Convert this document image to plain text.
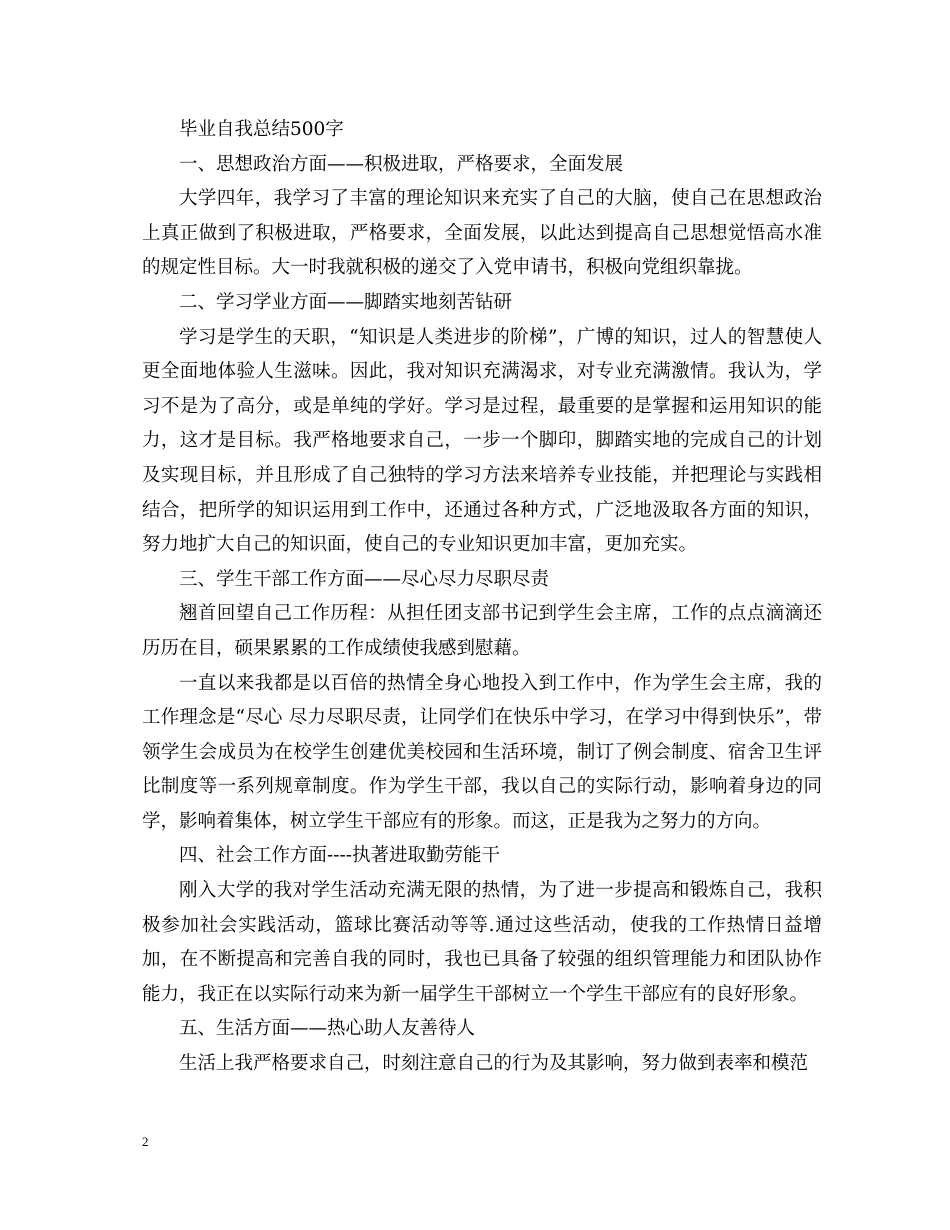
毕业自我总结500字

一、思想政治方面——积极进取，严格要求，全面发展

大学四年，我学习了丰富的理论知识来充实了自己的大脑，使自己在思想政治上真正做到了积极进取，严格要求，全面发展，以此达到提高自己思想觉悟高水准的规定性目标。大一时我就积极的递交了入党申请书，积极向党组织靠拢。

二、学习学业方面——脚踏实地刻苦钻研

学习是学生的天职，“知识是人类进步的阶梯”，广博的知识，过人的智慧使人更全面地体验人生滋味。因此，我对知识充满渴求，对专业充满激情。我认为，学习不是为了高分，或是单纯的学好。学习是过程，最重要的是掌握和运用知识的能力，这才是目标。我严格地要求自己，一步一个脚印，脚踏实地的完成自己的计划及实现目标，并且形成了自己独特的学习方法来培养专业技能，并把理论与实践相结合，把所学的知识运用到工作中，还通过各种方式，广泛地汲取各方面的知识，努力地扩大自己的知识面，使自己的专业知识更加丰富，更加充实。

三、学生干部工作方面——尽心尽力尽职尽责

翘首回望自己工作历程：从担任团支部书记到学生会主席，工作的点点滴滴还历历在目，硕果累累的工作成绩使我感到慰藉。

一直以来我都是以百倍的热情全身心地投入到工作中，作为学生会主席，我的工作理念是“尽心 尽力尽职尽责，让同学们在快乐中学习，在学习中得到快乐”，带领学生会成员为在校学生创建优美校园和生活环境，制订了例会制度、宿舍卫生评比制度等一系列规章制度。作为学生干部，我以自己的实际行动，影响着身边的同学，影响着集体，树立学生干部应有的形象。而这，正是我为之努力的方向。

四、社会工作方面----执著进取勤劳能干

刚入大学的我对学生活动充满无限的热情，为了进一步提高和锻炼自己，我积极参加社会实践活动，篮球比赛活动等等.通过这些活动，使我的工作热情日益增加，在不断提高和完善自我的同时，我也已具备了较强的组织管理能力和团队协作能力，我正在以实际行动来为新一届学生干部树立一个学生干部应有的良好形象。

五、生活方面——热心助人友善待人

生活上我严格要求自己，时刻注意自己的行为及其影响，努力做到表率和模范

2
